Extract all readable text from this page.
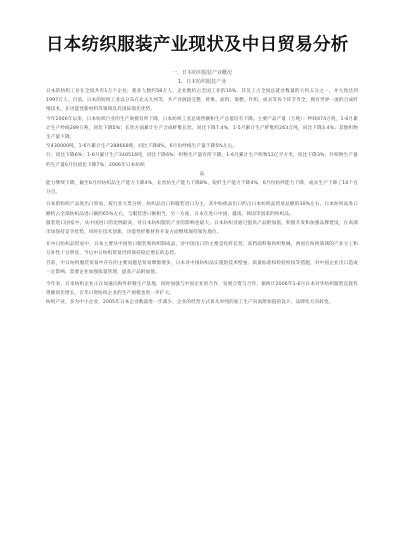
日本纺织服装产业现状及中日贸易分析

一、日本纺织服装产业概况

1、日本纺织服装产业

日本的纺织工业在全国共有1万个企业，就业人数约58万人，企业数约占全国工业的10%，其员工占全国总就业数量的大约五分之一，并大致达到1997万人。目前，日本的纺织工业以分布在北关九州等，共产业链较完整，纤维、面料、染整、针织、成衣等各个环节齐全，拥有世界一流的合成纤维技术，在功能性新材料等领域具有国际领先优势。

今年2006年以来，日本纺织行业的生产规模有所下降，日本纺织工业总销售额和生产总值均有下降。主要产品产量（万吨）：纱线474万吨，1-6月累计生产纱线289万吨，同比下降5%；长丝方面累计生产合成纤维长丝，同比下降7.4%，1-5月累计生产纤维约263万吨，同比下降3.4%；其他织物生产量下降。

至430000吨，1-6月累计生产288668吨，同比下降8%，6月份纱线生产量下降5%左右。

行；同比下降6%；1-6月累计生产340516吨，同比下降6%；织物生产量有所下降，1-6月累计生产织物12亿平方米，同比下降3%；针织物生产量约生产量6月份同比下降7%；2006年日本纺织

品

能力继续下降，截至6月份纺织品生产能力下降4%，长丝纺生产能力下降8%，短纤生产能力下降4%，6月份纺纱能力下降，成衣生产下降了10个百分点。

日本的纺织产品进出口贸易，按行业大类分析，纺织品出口和服装进口为主，其中纺织品出口约占日本纺织品贸易总额的30%左右，日本纺织品进口额约占全部纺织品进口额的65%左右，与服装进口额相当，另一方面，日本在进口中国、越南、韩国等国家的纺织品。

服装进口国家中，从中国进口的比例最高，对日本纺织服装产业的影响也最大。日本纺织业通过提高产品附加值，积极开发和加强品牌建设，在高端市场保持竞争优势，同时在技术创新、功能性纤维材料开发方面继续保持领先地位。

在中日纺织品贸易中，日本主要从中国进口服装和纺织制成品，对中国出口的主要是化纤长丝、高档面料和纺织机械，两国在纺织领域的产业分工和互补性十分明显，今后中日纺织贸易仍将保持稳定增长的态势。

目前，中日纺织服装贸易中存在的主要问题是贸易摩擦增多，日本对中国纺织品实施的技术壁垒、质量标准和检验检疫等措施，对中国企业出口造成一定影响，需要企业加强质量管理，提高产品附加值。

今年来，日本纺织企业正在加速向海外转移生产基地，同时加强与中国企业的合作，发展合资与合作，据统计2006年1-6月日本对华纺织服装直接投资额同比增长，在华日资纺织企业的生产规模也进一步扩大。

纺织产业，多为中小企业，2005年日本企业数量进一步减少，企业的经营方式将从单纯的加工生产向高附加值的设计、品牌化方向转变。
